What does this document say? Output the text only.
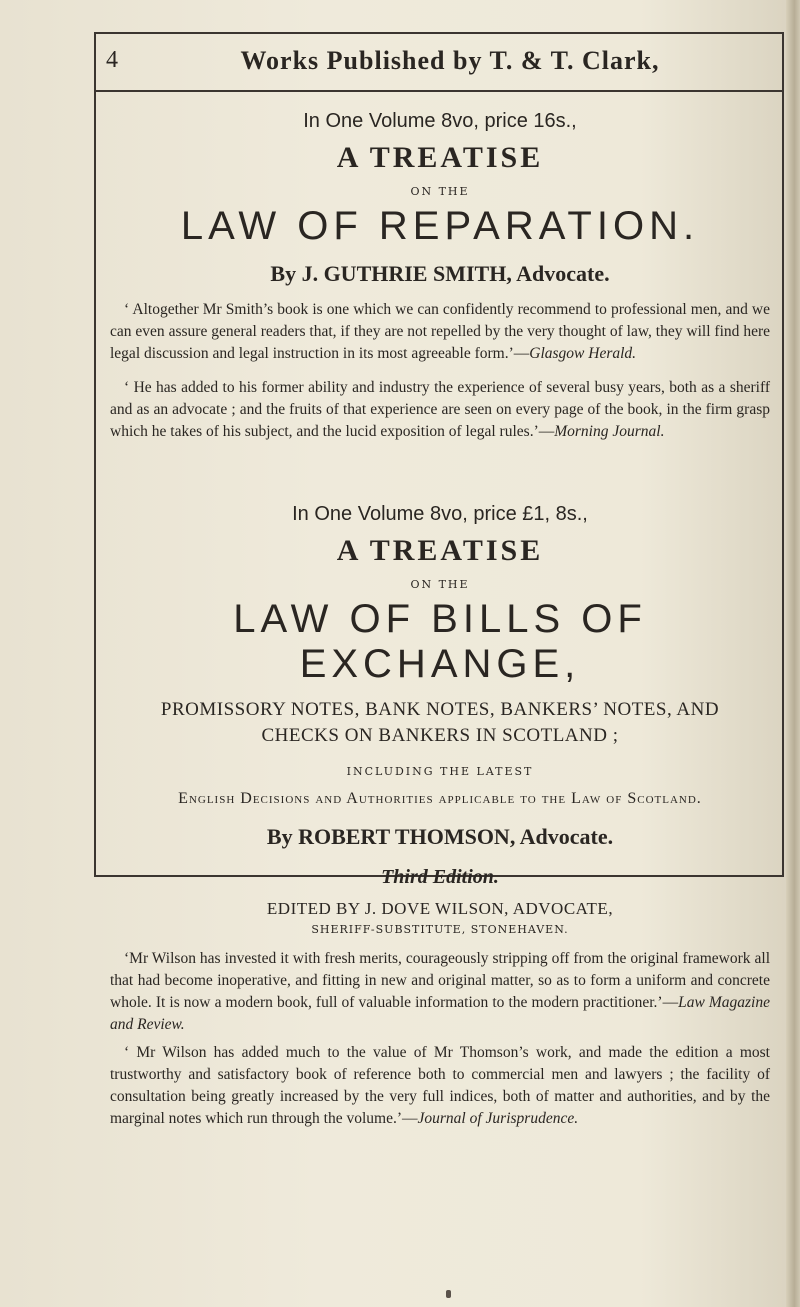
4	Works Published by T. & T. Clark,

In One Volume 8vo, price 16s.,

A TREATISE

ON THE

LAW OF REPARATION.

By J. GUTHRIE SMITH, Advocate.

‘ Altogether Mr Smith’s book is one which we can confidently recommend to professional men, and we can even assure general readers that, if they are not repelled by the very thought of law, they will find here legal discussion and legal instruction in its most agreeable form.’—Glasgow Herald.

‘ He has added to his former ability and industry the experience of several busy years, both as a sheriff and as an advocate ; and the fruits of that experience are seen on every page of the book, in the firm grasp which he takes of his subject, and the lucid exposition of legal rules.’—Morning Journal.

In One Volume 8vo, price £1, 8s.,

A TREATISE

ON THE

LAW OF BILLS OF EXCHANGE,

PROMISSORY NOTES, BANK NOTES, BANKERS’ NOTES, AND

CHECKS ON BANKERS IN SCOTLAND ;

INCLUDING THE LATEST

English Decisions and Authorities applicable to the Law of Scotland.

By ROBERT THOMSON, Advocate.

Third Edition.

EDITED BY J. DOVE WILSON, ADVOCATE,

SHERIFF-SUBSTITUTE, STONEHAVEN.

‘Mr Wilson has invested it with fresh merits, courageously stripping off from the original framework all that had become inoperative, and fitting in new and original matter, so as to form a uniform and concrete whole. It is now a modern book, full of valuable information to the modern practitioner.’—Law Magazine and Review.

‘ Mr Wilson has added much to the value of Mr Thomson’s work, and made the edition a most trustworthy and satisfactory book of reference both to commercial men and lawyers ; the facility of consultation being greatly increased by the very full indices, both of matter and authorities, and by the marginal notes which run through the volume.’—Journal of Jurisprudence.
